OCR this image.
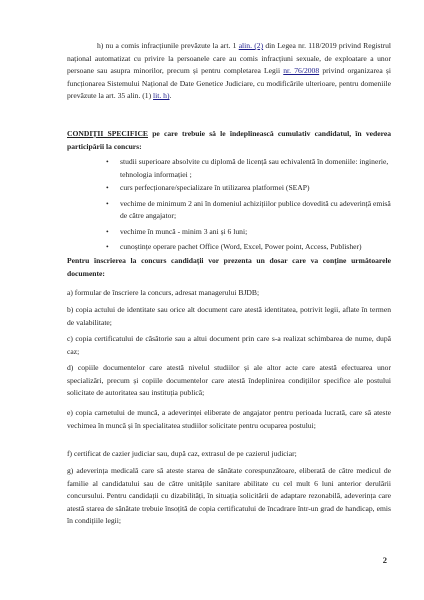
h) nu a comis infracțiunile prevăzute la art. 1 alin. (2) din Legea nr. 118/2019 privind Registrul național automatizat cu privire la persoanele care au comis infracțiuni sexuale, de exploatare a unor persoane sau asupra minorilor, precum și pentru completarea Legii nr. 76/2008 privind organizarea și funcționarea Sistemului Național de Date Genetice Judiciare, cu modificările ulterioare, pentru domeniile prevăzute la art. 35 alin. (1) lit. h).
CONDIȚII SPECIFICE pe care trebuie să le îndeplinească cumulativ candidatul, în vederea participării la concurs:
• studii superioare absolvite cu diplomă de licență sau echivalentă în domeniile: inginerie, tehnologia informației ;
• curs perfecționare/specializare în utilizarea platformei (SEAP)
• vechime de minimum 2 ani în domeniul achizițiilor publice dovedită cu adeverință emisă de către angajator;
• vechime în muncă - minim 3 ani și 6 luni;
• cunoștințe operare pachet Office (Word, Excel, Power point, Access, Publisher)
Pentru înscrierea la concurs candidații vor prezenta un dosar care va conține următoarele documente:
a) formular de înscriere la concurs, adresat managerului BJDB;
b) copia actului de identitate sau orice alt document care atestă identitatea, potrivit legii, aflate în termen de valabilitate;
c) copia certificatului de căsătorie sau a altui document prin care s-a realizat schimbarea de nume, după caz;
d) copiile documentelor care atestă nivelul studiilor și ale altor acte care atestă efectuarea unor specializări, precum și copiile documentelor care atestă îndeplinirea condițiilor specifice ale postului solicitate de autoritatea sau instituția publică;
e) copia carnetului de muncă, a adeverinței eliberate de angajator pentru perioada lucrată, care să ateste vechimea în muncă și în specialitatea studiilor solicitate pentru ocuparea postului;
f) certificat de cazier judiciar sau, după caz, extrasul de pe cazierul judiciar;
g) adeverința medicală care să ateste starea de sănătate corespunzătoare, eliberată de către medicul de familie al candidatului sau de către unitățile sanitare abilitate cu cel mult 6 luni anterior derulării concursului. Pentru candidații cu dizabilități, în situația solicitării de adaptare rezonabilă, adeverința care atestă starea de sănătate trebuie însoțită de copia certificatului de încadrare într-un grad de handicap, emis în condițiile legii;
2
